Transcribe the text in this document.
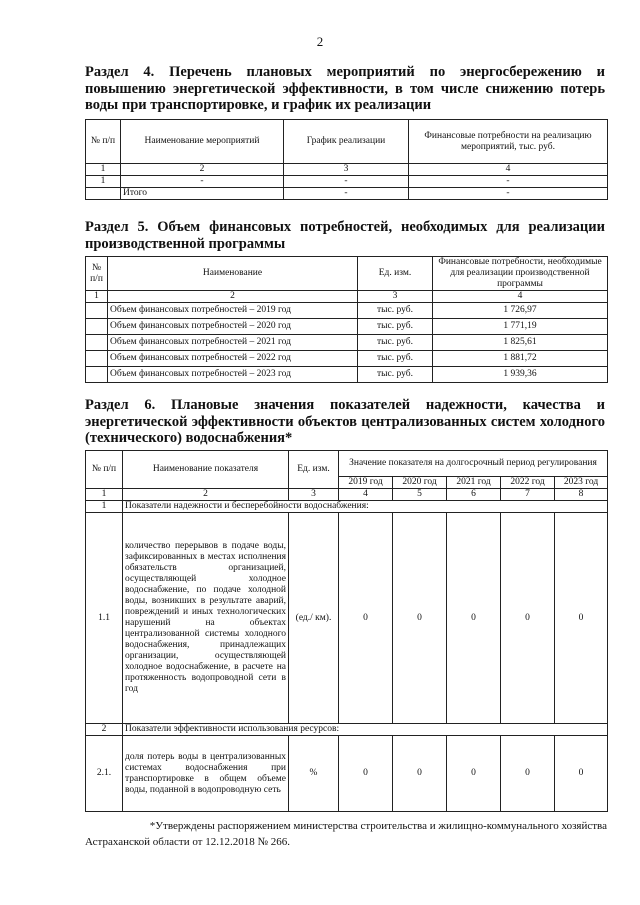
2
Раздел 4. Перечень плановых мероприятий по энергосбережению и повышению энергетической эффективности, в том числе снижению потерь воды при транспортировке, и график их реализации
№ п/п	Наименование мероприятий	График реализации	Финансовые потребности на реализацию мероприятий, тыс. руб.
1	2	3	4
1	-	-	-
	Итого	-	-
Раздел 5. Объем финансовых потребностей, необходимых для реализации производственной программы
№ п/п	Наименование	Ед. изм.	Финансовые потребности, необходимые для реализации производственной программы
1	2	3	4
	Объем финансовых потребностей – 2019 год	тыс. руб.	1 726,97
	Объем финансовых потребностей – 2020 год	тыс. руб.	1 771,19
	Объем финансовых потребностей – 2021 год	тыс. руб.	1 825,61
	Объем финансовых потребностей – 2022 год	тыс. руб.	1 881,72
	Объем финансовых потребностей – 2023 год	тыс. руб.	1 939,36
Раздел 6. Плановые значения показателей надежности, качества и энергетической эффективности объектов централизованных систем холодного (технического) водоснабжения*
№ п/п	Наименование показателя	Ед. изм.	Значение показателя на долгосрочный период регулирования				
			2019 год	2020 год	2021 год	2022 год	2023 год
1	2	3	4	5	6	7	8
1	Показатели надежности и бесперебойности водоснабжения:						
1.1	количество перерывов в подаче воды, зафиксированных в местах исполнения обязательств организацией, осуществляющей холодное водоснабжение, по подаче холодной воды, возникших в результате аварий, повреждений и иных технологических нарушений на объектах централизованной системы холодного водоснабжения, принадлежащих организации, осуществляющей холодное водоснабжение, в расчете на протяженность водопроводной сети в год	(ед./ км).	0	0	0	0	0
2	Показатели эффективности использования ресурсов:						
2.1.	доля потерь воды в централизованных системах водоснабжения при транспортировке в общем объеме воды, поданной в водопроводную сеть	%	0	0	0	0	0
*Утверждены распоряжением министерства строительства и жилищно-коммунального хозяйства
Астраханской области от 12.12.2018 № 266.
